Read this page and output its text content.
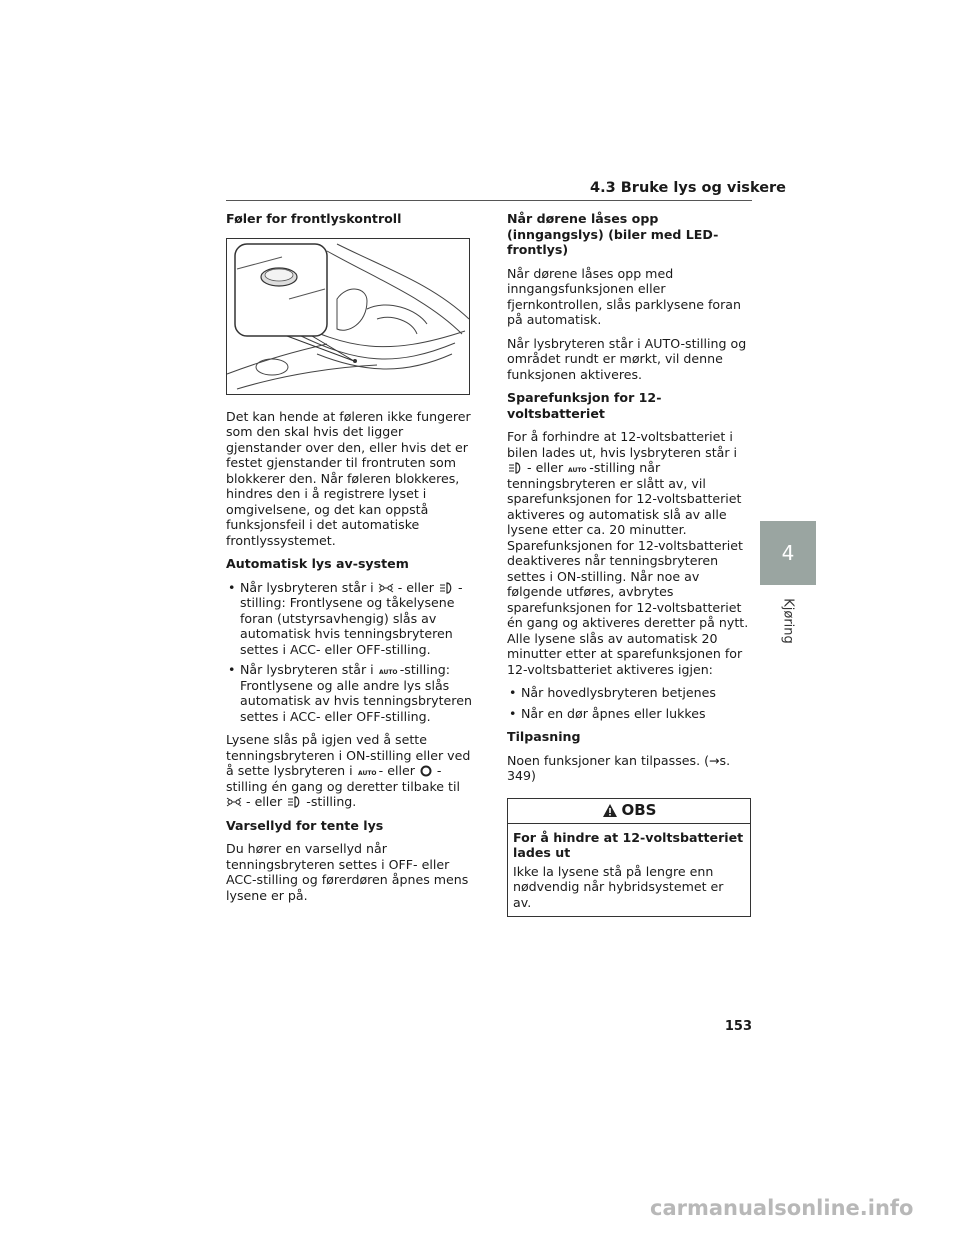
4.3 Bruke lys og viskere
Føler for frontlyskontroll

Det kan hende at føleren ikke fungerer som den skal hvis det ligger gjenstander over den, eller hvis det er festet gjenstander til frontruten som blokkerer den. Når føleren blokkeres, hindres den i å registrere lyset i omgivelsene, og det kan oppstå funksjonsfeil i det automatiske frontlyssystemet.

Automatisk lys av-system
• Når lysbryteren står i - eller -stilling: Frontlysene og tåkelysene foran (utstyrsavhengig) slås av automatisk hvis tenningsbryteren settes i ACC- eller OFF-stilling.
• Når lysbryteren står i AUTO -stilling: Frontlysene og alle andre lys slås automatisk av hvis tenningsbryteren settes i ACC- eller OFF-stilling.

Lysene slås på igjen ved å sette tenningsbryteren i ON-stilling eller ved å sette lysbryteren i AUTO - eller -stilling én gang og deretter tilbake til  - eller -stilling.

Varsellyd for tente lys

Du hører en varsellyd når tenningsbryteren settes i OFF- eller ACC-stilling og førerdøren åpnes mens lysene er på.

Når dørene låses opp (inngangslys) (biler med LED-frontlys)

Når dørene låses opp med inngangsfunksjonen eller fjernkontrollen, slås parklysene foran på automatisk.

Når lysbryteren står i AUTO-stilling og området rundt er mørkt, vil denne funksjonen aktiveres.

Sparefunksjon for 12-voltsbatteriet

For å forhindre at 12-voltsbatteriet i bilen lades ut, hvis lysbryteren står i  - eller AUTO -stilling når tenningsbryteren er slått av, vil sparefunksjonen for 12-voltsbatteriet aktiveres og automatisk slå av alle lysene etter ca. 20 minutter. Sparefunksjonen for 12-voltsbatteriet deaktiveres når tenningsbryteren settes i ON-stilling. Når noe av følgende utføres, avbrytes sparefunksjonen for 12-voltsbatteriet én gang og aktiveres deretter på nytt. Alle lysene slås av automatisk 20 minutter etter at sparefunksjonen for 12-voltsbatteriet aktiveres igjen:

• Når hovedlysbryteren betjenes
• Når en dør åpnes eller lukkes
Tilpasning

Noen funksjoner kan tilpasses. (→s. 349)

OBS
For å hindre at 12-voltsbatteriet lades ut

Ikke la lysene stå på lengre enn nødvendig når hybridsystemet er av.

4
Kjøring
153
carmanualsonline.info
